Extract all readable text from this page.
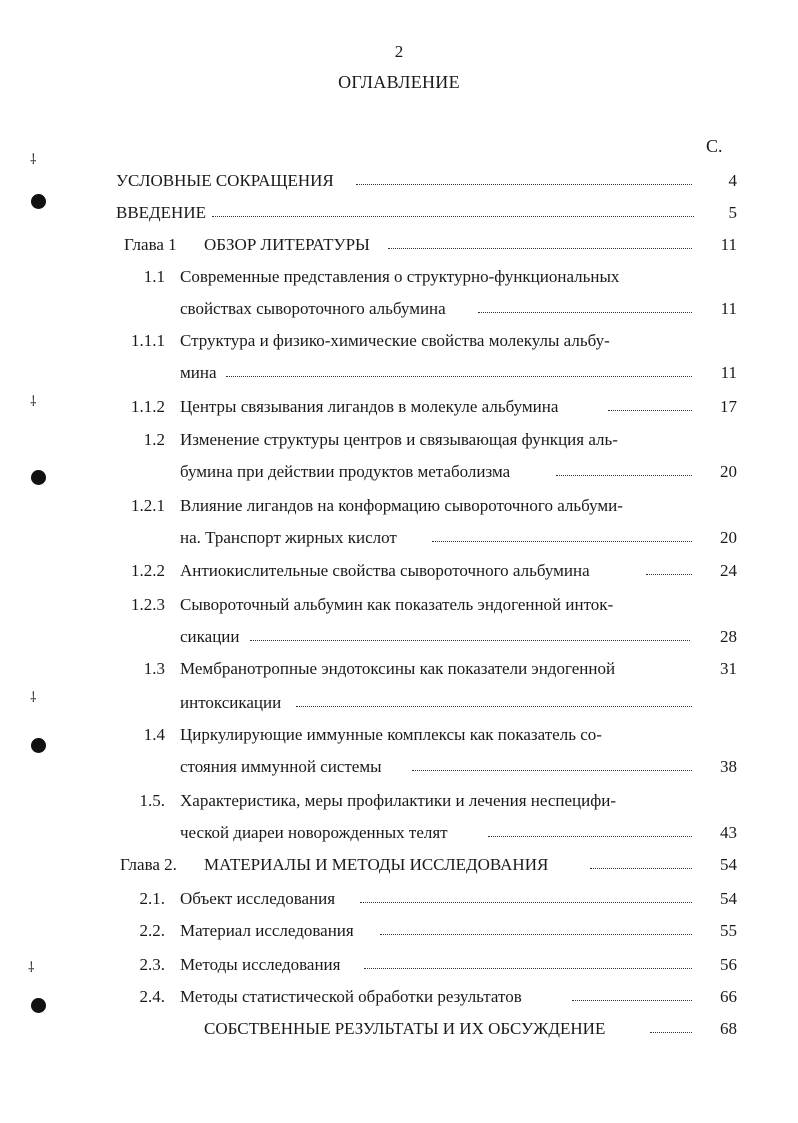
⸸
⸸
⸸
⸸
2
ОГЛАВЛЕНИЕ
С.
УСЛОВНЫЕ СОКРАЩЕНИЯ	4
ВВЕДЕНИЕ	5
Глава 1 ОБЗОР ЛИТЕРАТУРЫ	11
1.1 Современные представления о структурно-функциональных
свойствах сывороточного альбумина	11
1.1.1 Структура и физико-химические свойства молекулы альбу-
мина	11
1.1.2 Центры связывания лигандов в молекуле альбумина	17
1.2 Изменение структуры центров и связывающая функция аль-
бумина при действии продуктов метаболизма	20
1.2.1 Влияние лигандов на конформацию сывороточного альбуми-
на. Транспорт жирных кислот	20
1.2.2 Антиокислительные свойства сывороточного альбумина	24
1.2.3 Сывороточный альбумин как показатель эндогенной инток-
сикации	28
1.3 Мембранотропные эндотоксины как показатели эндогенной	31
интоксикации
1.4 Циркулирующие иммунные комплексы как показатель со-
стояния иммунной системы	38
1.5. Характеристика, меры профилактики и лечения неспецифи-
ческой диареи новорожденных телят	43
Глава 2. МАТЕРИАЛЫ И МЕТОДЫ ИССЛЕДОВАНИЯ	54
2.1. Объект исследования	54
2.2. Материал исследования	55
2.3. Методы исследования	56
2.4. Методы статистической обработки результатов	66
СОБСТВЕННЫЕ РЕЗУЛЬТАТЫ И ИХ ОБСУЖДЕНИЕ	68
